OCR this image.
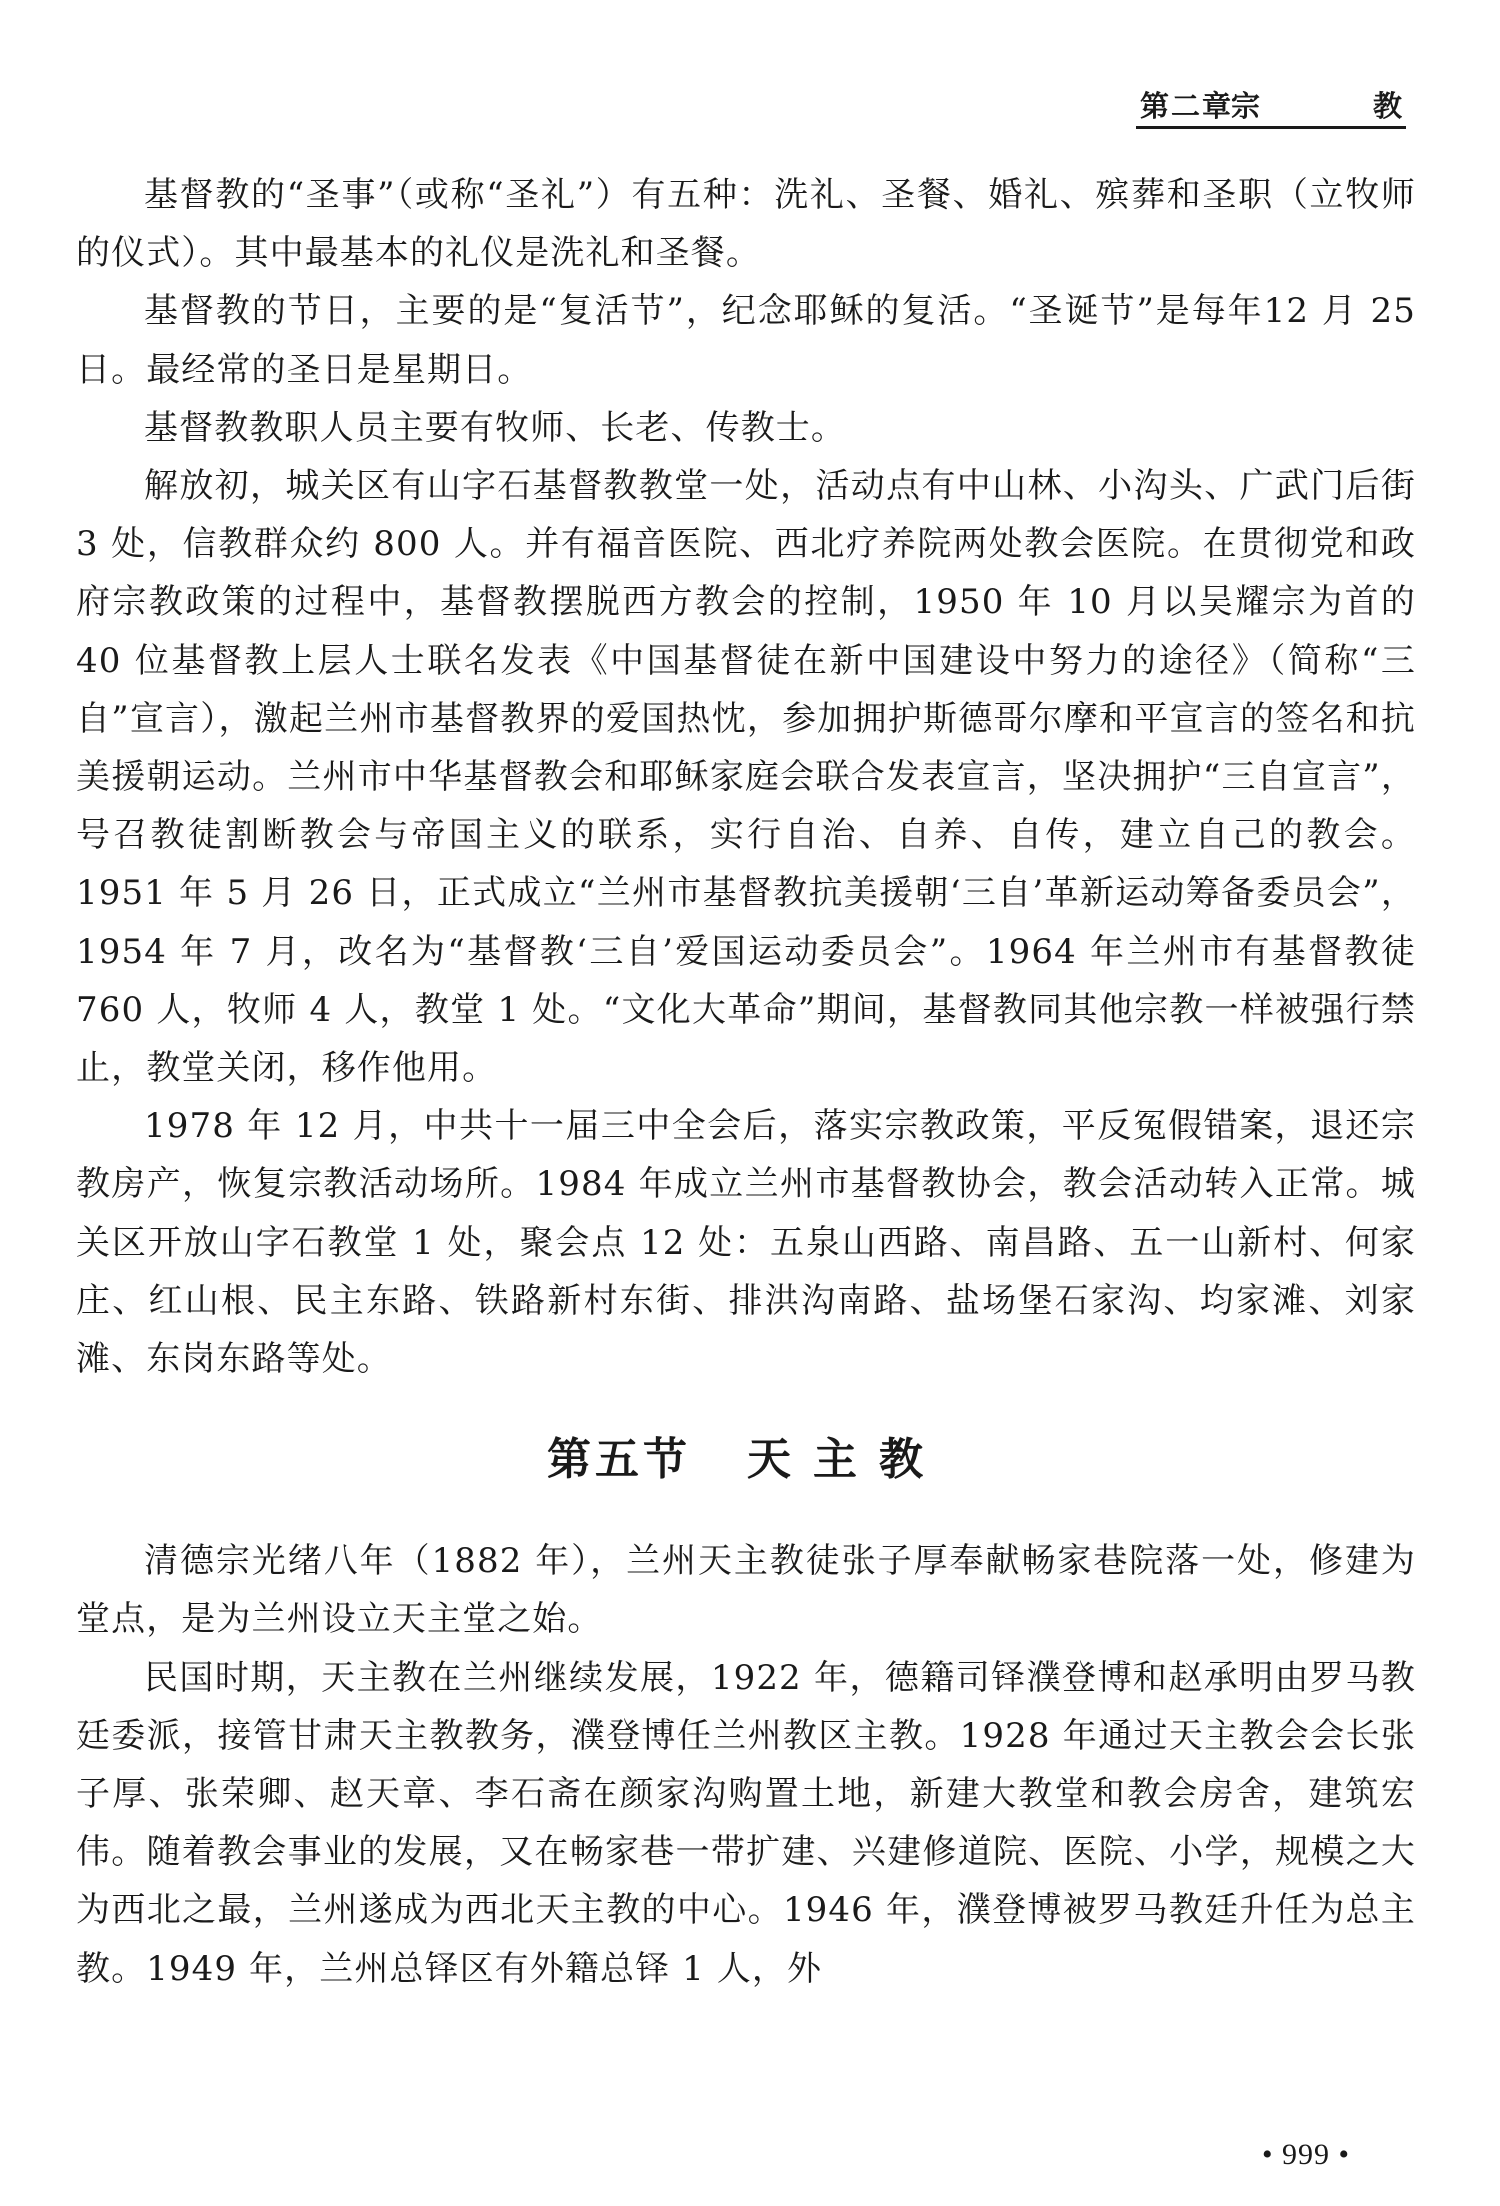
第二章
宗　教

基督教的“圣事”（或称“圣礼”）有五种：洗礼、圣餐、婚礼、殡葬和圣职（立牧师的仪式）。其中最基本的礼仪是洗礼和圣餐。

基督教的节日，主要的是“复活节”，纪念耶稣的复活。“圣诞节”是每年12 月 25 日。最经常的圣日是星期日。

基督教教职人员主要有牧师、长老、传教士。

解放初，城关区有山字石基督教教堂一处，活动点有中山林、小沟头、广武门后街 3 处，信教群众约 800 人。并有福音医院、西北疗养院两处教会医院。在贯彻党和政府宗教政策的过程中，基督教摆脱西方教会的控制，1950 年 10 月以吴耀宗为首的 40 位基督教上层人士联名发表《中国基督徒在新中国建设中努力的途径》（简称“三自”宣言），激起兰州市基督教界的爱国热忱，参加拥护斯德哥尔摩和平宣言的签名和抗美援朝运动。兰州市中华基督教会和耶稣家庭会联合发表宣言，坚决拥护“三自宣言”，号召教徒割断教会与帝国主义的联系，实行自治、自养、自传，建立自己的教会。1951 年 5 月 26 日，正式成立“兰州市基督教抗美援朝‘三自’革新运动筹备委员会”，1954 年 7 月，改名为“基督教‘三自’爱国运动委员会”。1964 年兰州市有基督教徒 760 人，牧师 4 人，教堂 1 处。“文化大革命”期间，基督教同其他宗教一样被强行禁止，教堂关闭，移作他用。

1978 年 12 月，中共十一届三中全会后，落实宗教政策，平反冤假错案，退还宗教房产，恢复宗教活动场所。1984 年成立兰州市基督教协会，教会活动转入正常。城关区开放山字石教堂 1 处，聚会点 12 处：五泉山西路、南昌路、五一山新村、何家庄、红山根、民主东路、铁路新村东街、排洪沟南路、盐场堡石家沟、均家滩、刘家滩、东岗东路等处。

第五节 天主教

清德宗光绪八年（1882 年），兰州天主教徒张子厚奉献畅家巷院落一处，修建为堂点，是为兰州设立天主堂之始。

民国时期，天主教在兰州继续发展，1922 年，德籍司铎濮登博和赵承明由罗马教廷委派，接管甘肃天主教教务，濮登博任兰州教区主教。1928 年通过天主教会会长张子厚、张荣卿、赵天章、李石斋在颜家沟购置土地，新建大教堂和教会房舍，建筑宏伟。随着教会事业的发展，又在畅家巷一带扩建、兴建修道院、医院、小学，规模之大为西北之最，兰州遂成为西北天主教的中心。1946 年，濮登博被罗马教廷升任为总主教。1949 年，兰州总铎区有外籍总铎 1 人，外

• 999 •
